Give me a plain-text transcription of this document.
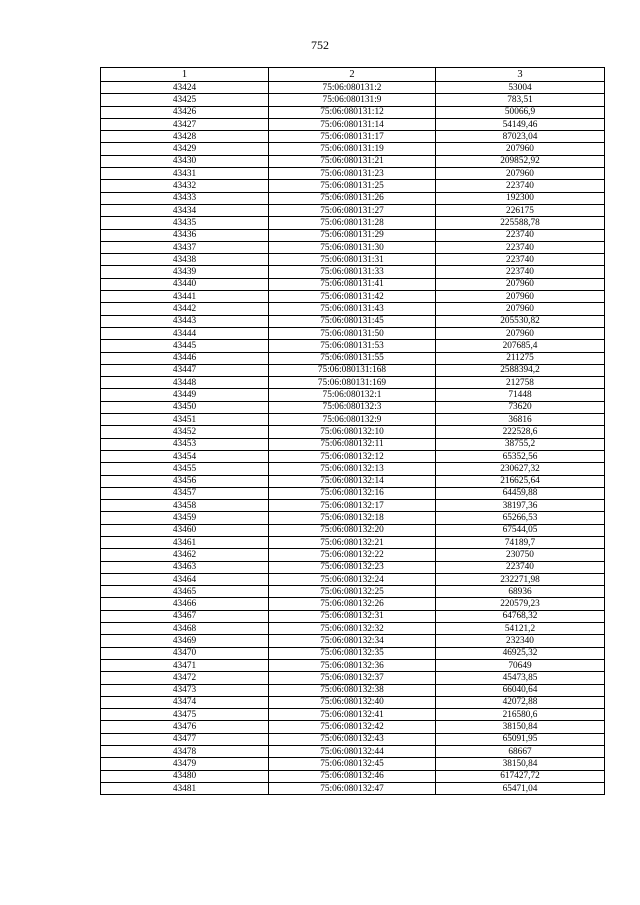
752
1	2	3
43424	75:06:080131:2	53004
43425	75:06:080131:9	783,51
43426	75:06:080131:12	50066,9
43427	75:06:080131:14	54149,46
43428	75:06:080131:17	87023,04
43429	75:06:080131:19	207960
43430	75:06:080131:21	209852,92
43431	75:06:080131:23	207960
43432	75:06:080131:25	223740
43433	75:06:080131:26	192300
43434	75:06:080131:27	226175
43435	75:06:080131:28	225588,78
43436	75:06:080131:29	223740
43437	75:06:080131:30	223740
43438	75:06:080131:31	223740
43439	75:06:080131:33	223740
43440	75:06:080131:41	207960
43441	75:06:080131:42	207960
43442	75:06:080131:43	207960
43443	75:06:080131:45	205530,82
43444	75:06:080131:50	207960
43445	75:06:080131:53	207685,4
43446	75:06:080131:55	211275
43447	75:06:080131:168	2588394,2
43448	75:06:080131:169	212758
43449	75:06:080132:1	71448
43450	75:06:080132:3	73620
43451	75:06:080132:9	36816
43452	75:06:080132:10	222528,6
43453	75:06:080132:11	38755,2
43454	75:06:080132:12	65352,56
43455	75:06:080132:13	230627,32
43456	75:06:080132:14	216625,64
43457	75:06:080132:16	64459,88
43458	75:06:080132:17	38197,36
43459	75:06:080132:18	65266,53
43460	75:06:080132:20	67544,05
43461	75:06:080132:21	74189,7
43462	75:06:080132:22	230750
43463	75:06:080132:23	223740
43464	75:06:080132:24	232271,98
43465	75:06:080132:25	68936
43466	75:06:080132:26	220579,23
43467	75:06:080132:31	64768,32
43468	75:06:080132:32	54121,2
43469	75:06:080132:34	232340
43470	75:06:080132:35	46925,32
43471	75:06:080132:36	70649
43472	75:06:080132:37	45473,85
43473	75:06:080132:38	66040,64
43474	75:06:080132:40	42072,88
43475	75:06:080132:41	216580,6
43476	75:06:080132:42	38150,84
43477	75:06:080132:43	65091,95
43478	75:06:080132:44	68667
43479	75:06:080132:45	38150,84
43480	75:06:080132:46	617427,72
43481	75:06:080132:47	65471,04
